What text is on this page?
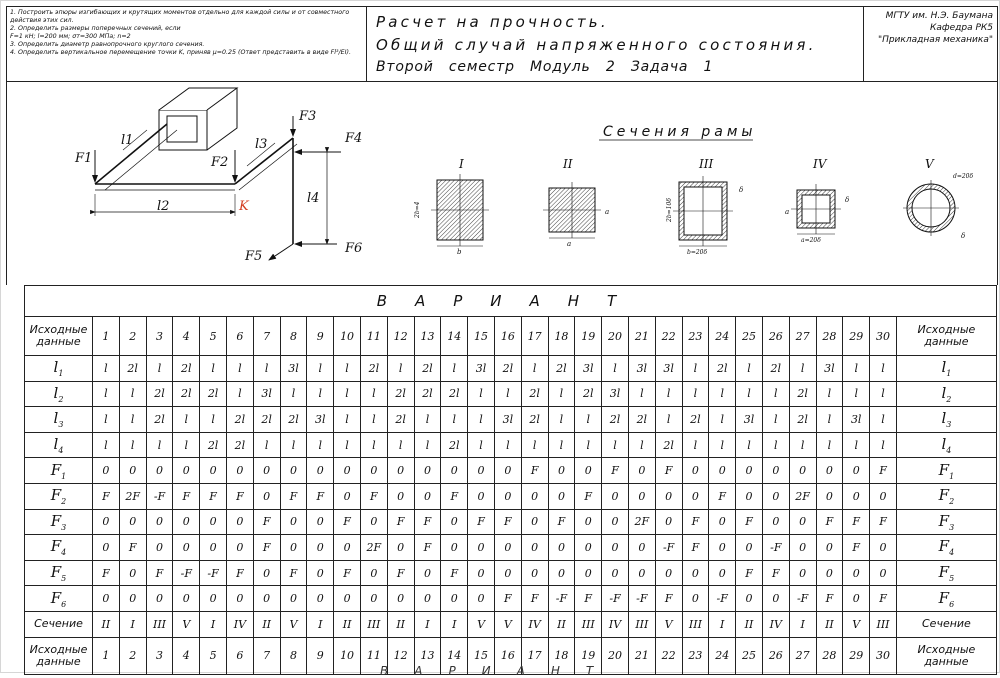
1. Построить эпюры изгибающих и крутящих моментов отдельно для каждой силы и от совместного
действия этих сил.
2. Определить размеры поперечных сечений, если
F=1 кН; l=200 мм; σт=300 МПа; n=2
3. Определить диаметр равнопрочного круглого сечения.
4. Определить вертикальное перемещение точки K, приняв μ=0.25 (Ответ представить в виде Fl³/EI).
Расчет на прочность.
Общий случай напряженного состояния.
Второй семестр Модуль 2 Задача 1
МГТУ им. Н.Э. Баумана
Кафедра РК5
"Прикладная механика"
F1	F2
F3
F4
F5
F6
l1
l2
l3
l4
K
Сечения рамы
I
2b=4
b
II
a
a
III
2b=10δ
b=20δ
δ
IV
a
a=20δ
δ
V
d=20δ
δ
ВАРИАНТ																															
Исходные данные	1	2	3	4	5	6	7	8	9	10	11	12	13	14	15	16	17	18	19	20	21	22	23	24	25	26	27	28	29	30	Исходные данные
$l_1$	l	2l	l	2l	l	l	l	3l	l	l	2l	l	2l	l	3l	2l	l	2l	3l	l	3l	3l	l	2l	l	2l	l	3l	l	l	$l_1$
$l_2$	l	l	2l	2l	2l	l	3l	l	l	l	l	2l	2l	2l	l	l	2l	l	2l	3l	l	l	l	l	l	l	2l	l	l	l	$l_2$
$l_3$	l	l	2l	l	l	2l	2l	2l	3l	l	l	2l	l	l	l	3l	2l	l	l	2l	2l	l	2l	l	3l	l	2l	l	3l	l	$l_3$
$l_4$	l	l	l	l	2l	2l	l	l	l	l	l	l	l	2l	l	l	l	l	l	l	l	2l	l	l	l	l	l	l	l	l	$l_4$
$F_1$	0	0	0	0	0	0	0	0	0	0	0	0	0	0	0	0	F	0	0	F	0	F	0	0	0	0	0	0	0	F	$F_1$
$F_2$	F	2F	-F	F	F	F	0	F	F	0	F	0	0	F	0	0	0	0	F	0	0	0	0	F	0	0	2F	0	0	0	$F_2$
$F_3$	0	0	0	0	0	0	F	0	0	F	0	F	F	0	F	F	0	F	0	0	2F	0	F	0	F	0	0	F	F	F	$F_3$
$F_4$	0	F	0	0	0	0	F	0	0	0	2F	0	F	0	0	0	0	0	0	0	0	-F	F	0	0	-F	0	0	F	0	$F_4$
$F_5$	F	0	F	-F	-F	F	0	F	0	F	0	F	0	F	0	0	0	0	0	0	0	0	0	0	F	F	0	0	0	0	$F_5$
$F_6$	0	0	0	0	0	0	0	0	0	0	0	0	0	0	0	F	F	-F	F	-F	-F	F	0	-F	0	0	-F	F	0	F	$F_6$
Сечение	II	I	III	V	I	IV	II	V	I	II	III	II	I	I	V	V	IV	II	III	IV	III	V	III	I	II	IV	I	II	V	III	Сечение
Исходные данные	1	2	3	4	5	6	7	8	9	10	11	12	13	14	15	16	17	18	19	20	21	22	23	24	25	26	27	28	29	30	Исходные данные
ВАРИАНТ
